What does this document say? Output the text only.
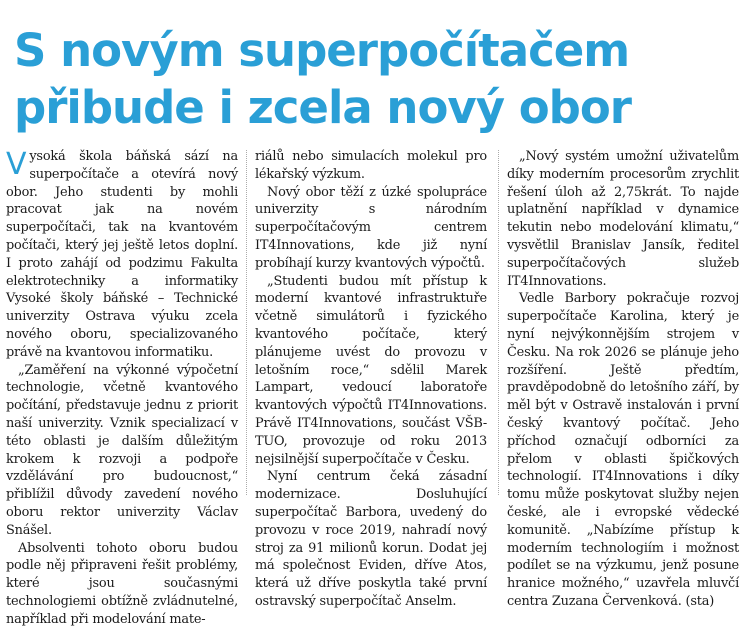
S novým superpočítačem
přibude i zcela nový obor

Vysoká škola báňská sází na superpočítače a otevírá nový obor. Jeho studenti by mohli pracovat jak na novém superpočítači, tak na kvantovém počítači, který jej ještě letos doplní. I proto zahájí od podzimu Fakulta elektrotechniky a informatiky Vysoké školy báňské – Technické univerzity Ostrava výuku zcela nového oboru, specializovaného právě na kvantovou informatiku.

„Zaměření na výkonné výpočetní technologie, včetně kvantového počítání, představuje jednu z priorit naší univerzity. Vznik specializací v této oblasti je dalším důležitým krokem k rozvoji a podpoře vzdělávání pro budoucnost,“ přiblížil důvody zavedení nového oboru rektor univerzity Václav Snášel.

Absolventi tohoto oboru budou podle něj připraveni řešit problémy, které jsou současnými technologiemi obtížně zvládnutelné, například při modelování mate-

riálů nebo simulacích molekul pro lékařský výzkum.

Nový obor těží z úzké spolupráce univerzity s národním superpočítačovým centrem IT4Innovations, kde již nyní probíhají kurzy kvantových výpočtů.

„Studenti budou mít přístup k moderní kvantové infrastruktuře včetně simulátorů i fyzického kvantového počítače, který plánujeme uvést do provozu v letošním roce,“ sdělil Marek Lampart, vedoucí laboratoře kvantových výpočtů IT4Innovations. Právě IT4Innovations, součást VŠB-TUO, provozuje od roku 2013 nejsilnější superpočítače v Česku.

Nyní centrum čeká zásadní modernizace. Dosluhující superpočítač Barbora, uvedený do provozu v roce 2019, nahradí nový stroj za 91 milionů korun. Dodat jej má společnost Eviden, dříve Atos, která už dříve poskytla také první ostravský superpočítač Anselm.

„Nový systém umožní uživatelům díky moderním procesorům zrychlit řešení úloh až 2,75krát. To najde uplatnění například v dynamice tekutin nebo modelování klimatu,“ vysvětlil Branislav Jansík, ředitel superpočítačových služeb IT4Innovations.

Vedle Barbory pokračuje rozvoj superpočítače Karolina, který je nyní nejvýkonnějším strojem v Česku. Na rok 2026 se plánuje jeho rozšíření. Ještě předtím, pravděpodobně do letošního září, by měl být v Ostravě instalován i první český kvantový počítač. Jeho příchod označují odborníci za přelom v oblasti špičkových technologií. IT4Innovations i díky tomu může poskytovat služby nejen české, ale i evropské vědecké komunitě. „Nabízíme přístup k moderním technologiím i možnost podílet se na výzkumu, jenž posune hranice možného,“ uzavřela mluvčí centra Zuzana Červenková. (sta)
